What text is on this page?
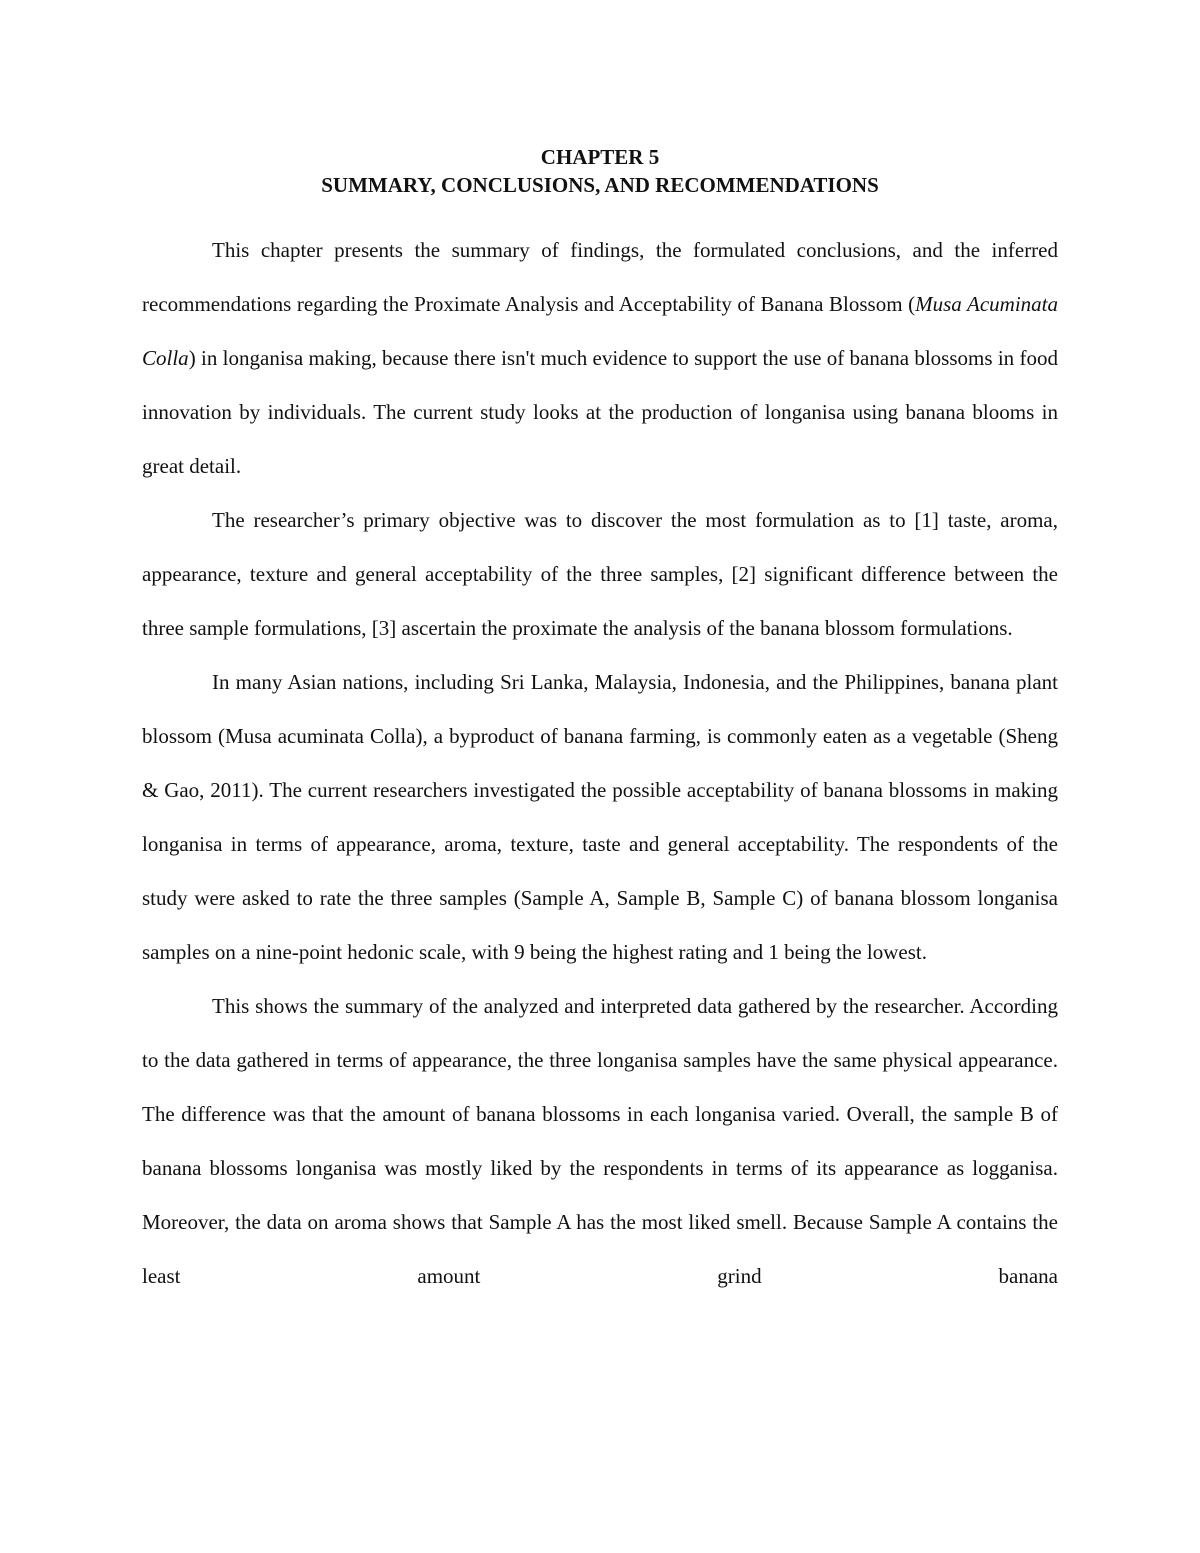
CHAPTER 5
SUMMARY, CONCLUSIONS, AND RECOMMENDATIONS

This chapter presents the summary of findings, the formulated conclusions, and the inferred recommendations regarding the Proximate Analysis and Acceptability of Banana Blossom (Musa Acuminata Colla) in longanisa making, because there isn't much evidence to support the use of banana blossoms in food innovation by individuals. The current study looks at the production of longanisa using banana blooms in great detail.

The researcher’s primary objective was to discover the most formulation as to [1] taste, aroma, appearance, texture and general acceptability of the three samples, [2] significant difference between the three sample formulations, [3] ascertain the proximate the analysis of the banana blossom formulations.

In many Asian nations, including Sri Lanka, Malaysia, Indonesia, and the Philippines, banana plant blossom (Musa acuminata Colla), a byproduct of banana farming, is commonly eaten as a vegetable (Sheng & Gao, 2011). The current researchers investigated the possible acceptability of banana blossoms in making longanisa in terms of appearance, aroma, texture, taste and general acceptability. The respondents of the study were asked to rate the three samples (Sample A, Sample B, Sample C) of banana blossom longanisa samples on a nine-point hedonic scale, with 9 being the highest rating and 1 being the lowest.

This shows the summary of the analyzed and interpreted data gathered by the researcher. According to the data gathered in terms of appearance, the three longanisa samples have the same physical appearance. The difference was that the amount of banana blossoms in each longanisa varied. Overall, the sample B of banana blossoms longanisa was mostly liked by the respondents in terms of its appearance as logganisa. Moreover, the data on aroma shows that Sample A has the most liked smell. Because Sample A contains the least amount grind banana
